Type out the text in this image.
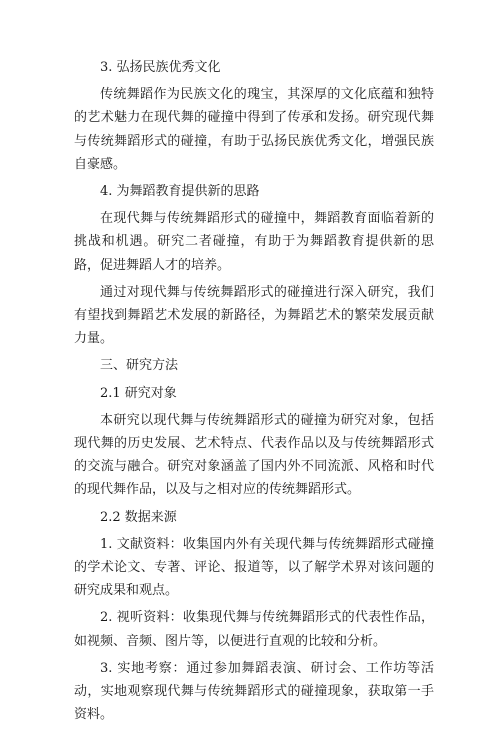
3. 弘扬民族优秀文化
传统舞蹈作为民族文化的瑰宝，其深厚的文化底蕴和独特的艺术魅力在现代舞的碰撞中得到了传承和发扬。研究现代舞与传统舞蹈形式的碰撞，有助于弘扬民族优秀文化，增强民族自豪感。
4. 为舞蹈教育提供新的思路
在现代舞与传统舞蹈形式的碰撞中，舞蹈教育面临着新的挑战和机遇。研究二者碰撞，有助于为舞蹈教育提供新的思路，促进舞蹈人才的培养。
通过对现代舞与传统舞蹈形式的碰撞进行深入研究，我们有望找到舞蹈艺术发展的新路径，为舞蹈艺术的繁荣发展贡献力量。
三、研究方法
2.1 研究对象
本研究以现代舞与传统舞蹈形式的碰撞为研究对象，包括现代舞的历史发展、艺术特点、代表作品以及与传统舞蹈形式的交流与融合。研究对象涵盖了国内外不同流派、风格和时代的现代舞作品，以及与之相对应的传统舞蹈形式。
2.2 数据来源
1. 文献资料：收集国内外有关现代舞与传统舞蹈形式碰撞的学术论文、专著、评论、报道等，以了解学术界对该问题的研究成果和观点。
2. 视听资料：收集现代舞与传统舞蹈形式的代表性作品，如视频、音频、图片等，以便进行直观的比较和分析。
3. 实地考察：通过参加舞蹈表演、研讨会、工作坊等活动，实地观察现代舞与传统舞蹈形式的碰撞现象，获取第一手资料。
